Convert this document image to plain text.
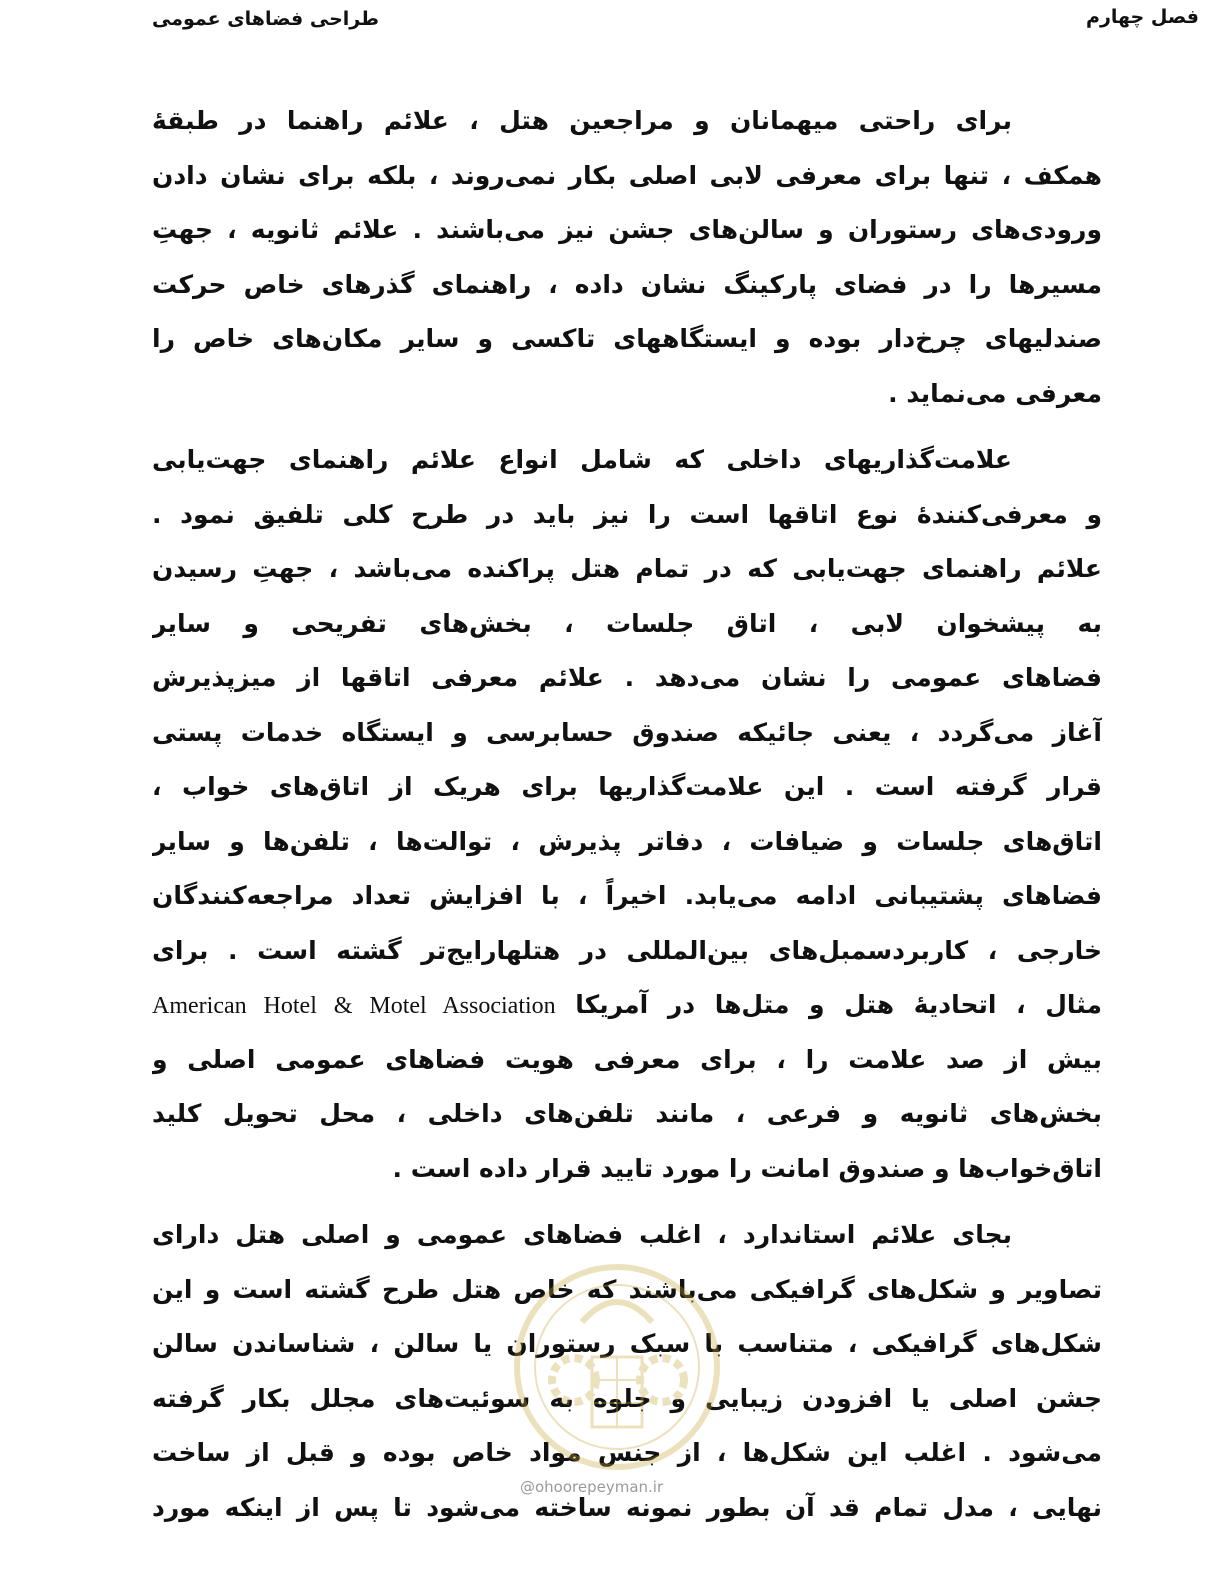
فصل چهارم
طراحی فضاهای عمومی
برای راحتی میهمانان و مراجعین هتل ، علائم راهنما در طبقهٔ
همکف ، تنها برای معرفی لابی اصلی بکار نمی‌روند ، بلکه برای نشان دادن
ورودی‌های رستوران و سالن‌های جشن نیز می‌باشند . علائم ثانویه ، جهتِ
مسیرها را در فضای پارکینگ نشان داده ، راهنمای گذرهای خاص حرکت
صندلیهای چرخ‌دار بوده و ایستگاههای تاکسی و سایر مکان‌های خاص را
معرفی می‌نماید .
علامت‌گذاریهای داخلی که شامل انواع علائم راهنمای جهت‌یابی
و معرفی‌کنندهٔ نوع اتاقها است را نیز باید در طرح کلی تلفیق نمود .
علائم راهنمای جهت‌یابی که در تمام هتل پراکنده می‌باشد ، جهتِ رسیدن
به پیشخوان لابی ، اتاق جلسات ، بخش‌های تفریحی و سایر
فضاهای عمومی را نشان می‌دهد . علائم معرفی اتاقها از میزپذیرش
آغاز می‌گردد ، یعنی جائیکه صندوق حسابرسی و ایستگاه خدمات پستی
قرار گرفته است . این علامت‌گذاریها برای هریک از اتاق‌های خواب ،
اتاق‌های جلسات و ضیافات ، دفاتر پذیرش ، توالت‌ها ، تلفن‌ها و سایر
فضاهای پشتیبانی ادامه می‌یابد. اخیراً ، با افزایش تعداد مراجعه‌کنندگان
خارجی ، کاربردسمبل‌های بین‌المللی در هتلهارایج‌تر گشته است . برای
مثال ، اتحادیهٔ هتل و متل‌ها در آمریکا American Hotel & Motel Association
بیش از صد علامت را ، برای معرفی هویت فضاهای عمومی اصلی و
بخش‌های ثانویه و فرعی ، مانند تلفن‌های داخلی ، محل تحویل کلید
اتاق‌خواب‌ها و صندوق امانت را مورد تایید قرار داده است .
بجای علائم استاندارد ، اغلب فضاهای عمومی و اصلی هتل دارای
تصاویر و شکل‌های گرافیکی می‌باشند که خاص هتل طرح گشته است و این
شکل‌های گرافیکی ، متناسب با سبک رستوران یا سالن ، شناساندن سالن
جشن اصلی یا افزودن زیبایی و جلوه به سوئیت‌های مجلل بکار گرفته
می‌شود . اغلب این شکل‌ها ، از جنس مواد خاص بوده و قبل از ساخت
نهایی ، مدل تمام قد آن بطور نمونه ساخته می‌شود تا پس از اینکه مورد
@ohoorepeyman.ir
